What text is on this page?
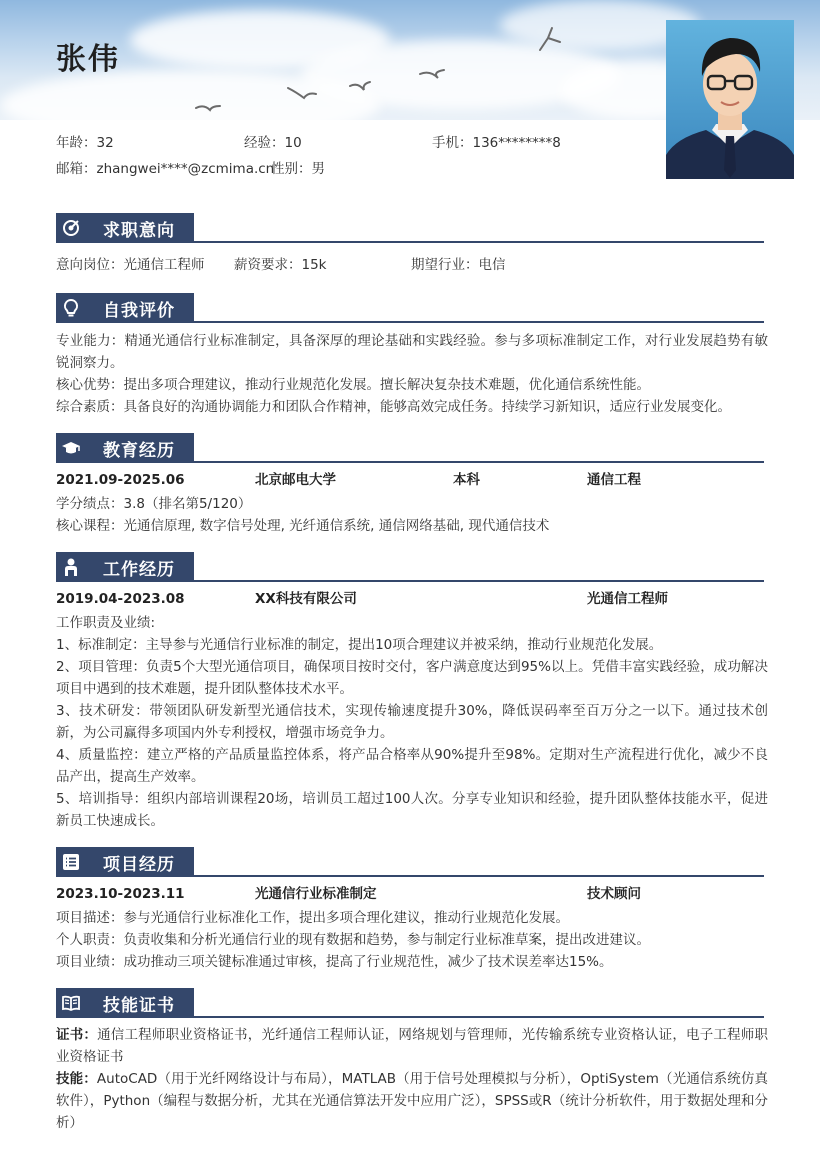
张伟
年龄：32	经验：10	手机：136********8
邮箱：zhangwei****@zcmima.cn
性别：男
求职意向
意向岗位：光通信工程师 薪资要求：15k	期望行业：电信
自我评价
专业能力：精通光通信行业标准制定，具备深厚的理论基础和实践经验。参与多项标准制定工作，对行业发展趋势有敏锐洞察力。
核心优势：提出多项合理建议，推动行业规范化发展。擅长解决复杂技术难题，优化通信系统性能。
综合素质：具备良好的沟通协调能力和团队合作精神，能够高效完成任务。持续学习新知识，适应行业发展变化。
教育经历
2021.09-2025.06	北京邮电大学	本科	通信工程
学分绩点：3.8（排名第5/120）
核心课程：光通信原理, 数字信号处理, 光纤通信系统, 通信网络基础, 现代通信技术
工作经历
2019.04-2023.08	XX科技有限公司	光通信工程师
工作职责及业绩:
1、标准制定：主导参与光通信行业标准的制定，提出10项合理建议并被采纳，推动行业规范化发展。
2、项目管理：负责5个大型光通信项目，确保项目按时交付，客户满意度达到95%以上。凭借丰富实践经验，成功解决项目中遇到的技术难题，提升团队整体技术水平。
3、技术研发：带领团队研发新型光通信技术，实现传输速度提升30%，降低误码率至百万分之一以下。通过技术创新，为公司赢得多项国内外专利授权，增强市场竞争力。
4、质量监控：建立严格的产品质量监控体系，将产品合格率从90%提升至98%。定期对生产流程进行优化，减少不良品产出，提高生产效率。
5、培训指导：组织内部培训课程20场，培训员工超过100人次。分享专业知识和经验，提升团队整体技能水平，促进新员工快速成长。
项目经历
2023.10-2023.11	光通信行业标准制定	技术顾问
项目描述：参与光通信行业标准化工作，提出多项合理化建议，推动行业规范化发展。
个人职责：负责收集和分析光通信行业的现有数据和趋势，参与制定行业标准草案，提出改进建议。
项目业绩：成功推动三项关键标准通过审核，提高了行业规范性，减少了技术误差率达15%。
技能证书
证书：通信工程师职业资格证书，光纤通信工程师认证，网络规划与管理师，光传输系统专业资格认证，电子工程师职业资格证书
技能：AutoCAD（用于光纤网络设计与布局），MATLAB（用于信号处理模拟与分析），OptiSystem（光通信系统仿真软件），Python（编程与数据分析，尤其在光通信算法开发中应用广泛），SPSS或R（统计分析软件，用于数据处理和分析）
